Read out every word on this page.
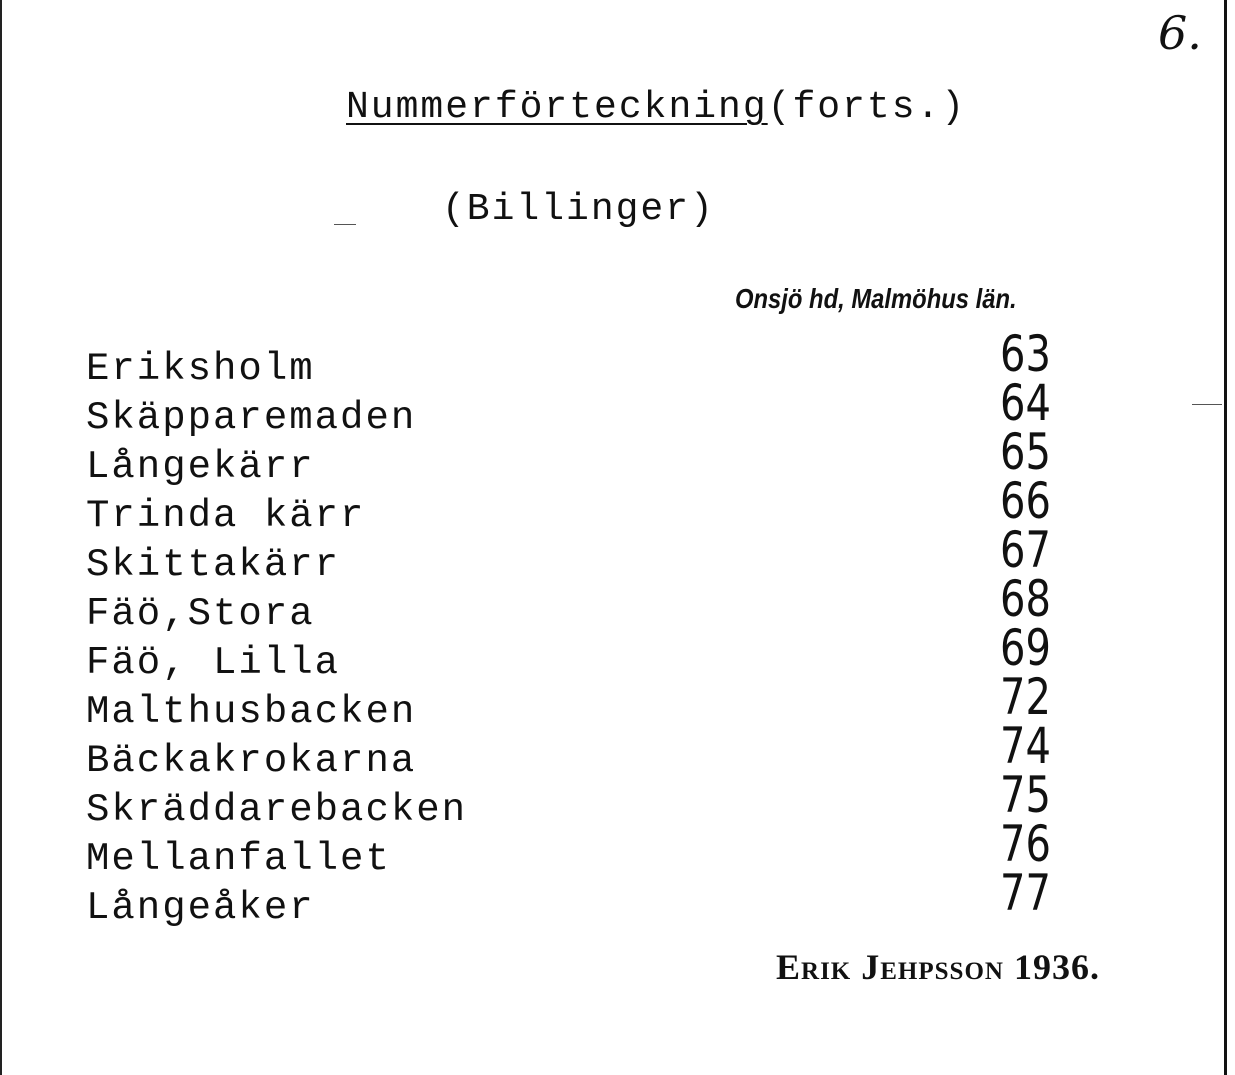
6.
Nummerförteckning(forts.)
(Billinger)
Onsjö hd, Malmöhus län.
Eriksholm
Skäpparemaden
Långekärr
Trinda kärr
Skittakärr
Fäö,Stora
Fäö, Lilla
Malthusbacken
Bäckakrokarna
Skräddarebacken
Mellanfallet
Långeåker
63
64
65
66
67
68
69
72
74
75
76
77
Erik Jehpsson 1936.
